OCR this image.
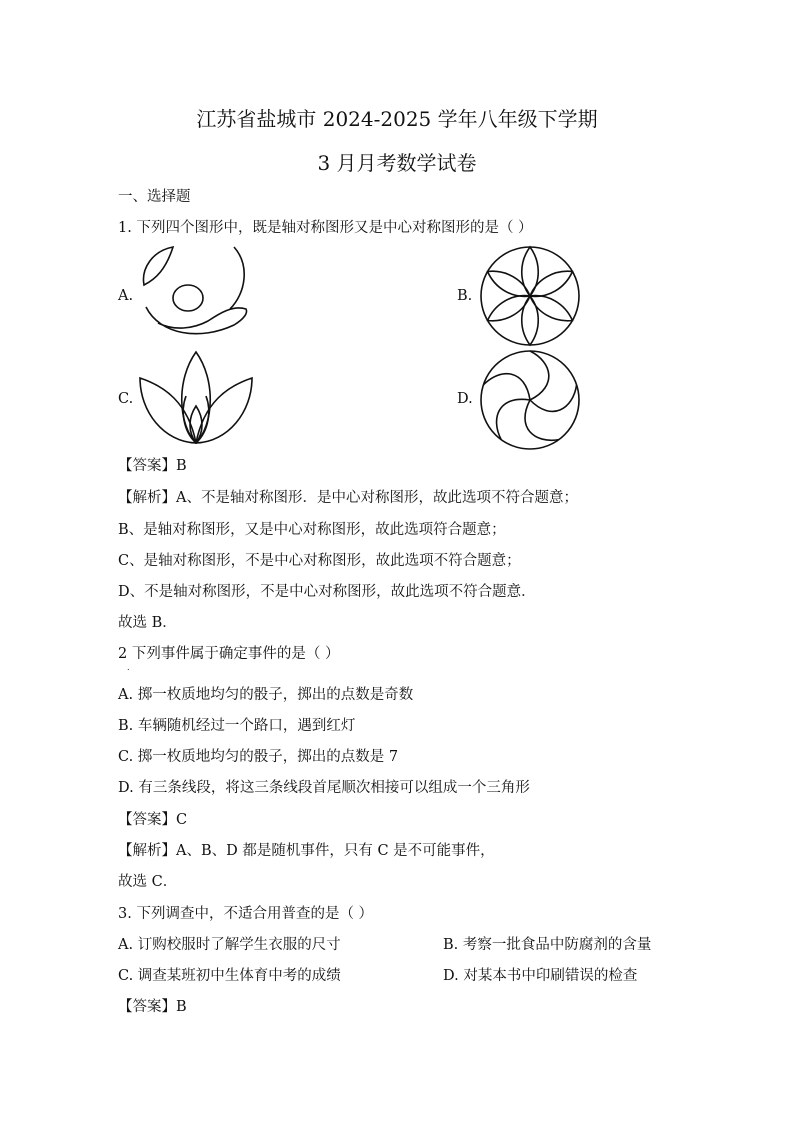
江苏省盐城市 2024-2025 学年八年级下学期
3 月月考数学试卷
一、选择题
1. 下列四个图形中，既是轴对称图形又是中心对称图形的是（ ）
A.	B.
C.	D.
【答案】B
【解析】A、不是轴对称图形．是中心对称图形，故此选项不符合题意；
B、是轴对称图形，又是中心对称图形，故此选项符合题意；
C、是轴对称图形，不是中心对称图形，故此选项不符合题意；
D、不是轴对称图形，不是中心对称图形，故此选项不符合题意．
故选 B．
2 下列事件属于确定事件的是（ ）
.
A. 掷一枚质地均匀的骰子，掷出的点数是奇数
B. 车辆随机经过一个路口，遇到红灯
C. 掷一枚质地均匀的骰子，掷出的点数是 7
D. 有三条线段，将这三条线段首尾顺次相接可以组成一个三角形
【答案】C
【解析】A、B、D 都是随机事件，只有 C 是不可能事件，
故选 C．
3. 下列调查中，不适合用普查的是（ ）
A. 订购校服时了解学生衣服的尺寸	B. 考察一批食品中防腐剂的含量
C. 调查某班初中生体育中考的成绩	D. 对某本书中印刷错误的检查
【答案】B
